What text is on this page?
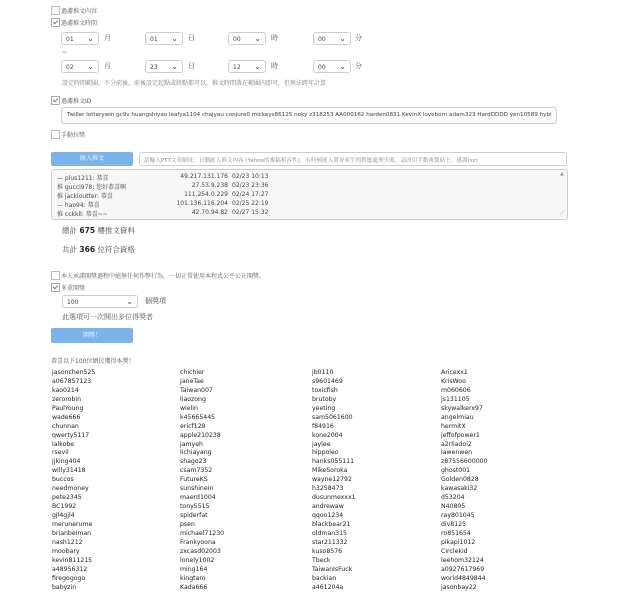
過濾推文內容
過濾推文時間
01 ⌄ 月	01 ⌄ 日	00 ⌄ 時	00 ⌄ 分
~
02 ⌄ 月	23 ⌄ 日	12 ⌄ 時	00 ⌄ 分
設定時間範圍，不分前後，前後設定起點或終點都可以，推文時間落在範圍內即可，但無法跨年計算
過濾推文ID
Twiller lotterywin gc9v huangshiyao leafya1104 chajyau conjure0 mickeys86125 noky z318253 AA000162 harden0831 KevinX loveborn adam323 HardDDDD yen10589 hybi
手動拉獎
匯入推文	請輸入PTT文章網址，自動匯入推文內容 (Yahoo的審稿相容性)，有時候匯入將會產生的對應處理失敗，請改用手動複製貼上，感謝(sz)
— plus1211: 恭喜	49.217.131.176 02/23 10:13
推 gucci978: 您好恭喜啊	27.53.9.238 02/23 23:36
推 jackloutter: 恭喜	111.254.0.229 02/24 17:27
— hao94: 恭喜	101.136.116.204 02/25 22:19
推 cckkll: 恭喜~~	42.70.94.82 02/27 15:32
▲
⟋
總計 675 樓推文資料
共計 366 位符合資格
本人承諾開獎過程中絕無任何作弊行為，一切正常使用本程式公平公正開獎。
多重開獎
100	⌄ 個獎項
此選項可一次開出多位得獎者
開獎！
恭喜以下100位網民獲得本獎！
jasonchen525
a067857123
kao0214
zerorobin
PaulYoung
wade666
chunnan
qwerty5117
lalkobe
rsevil
jjking404
willy31418
buccos
needmoney
pete2345
BC1992
gjl4gjl4
merunerume
brianbeiman
nash1212
moobary
kevin811215
a48956312
firegogogo
babyzin
chichier
JaneTae
Taiwan007
liaozong
wielin
k45665445
ericf129
apple210238
jamyeh
lichiayang
shago23
csam7352
FutureKS
sunshinein
maerd1004
tony5515
spiderfat
psen
michael71230
Frankyoona
zxcasd02003
lonely1002
ming164
kingtaro
Kada666
jb0110
s9601469
toxicfish
brutoby
yeeting
sam5061600
f84916
kone2004
jaylee
hippoleo
hanks055111
MikeSoroka
wayne12792
h3258473
dusunmexxx1
andrewaw
qqoo1234
blackbear21
oldman315
star211332
kuso8576
Tbeck
TaiwanIsFuck
backian
a461204a
Aricexx1
KrisWoo
m060606
js131105
skywalkerx97
angelmiau
hermitX
jeffofpower1
a2rliadoi2
lawenwen
z87556600000
ghost001
Golden0828
kawasaki32
d53204
N40805
ray801045
div8125
ro851654
pikapi1012
Circlekid
leehom32124
a0927617969
world4849844
jasonbay22
